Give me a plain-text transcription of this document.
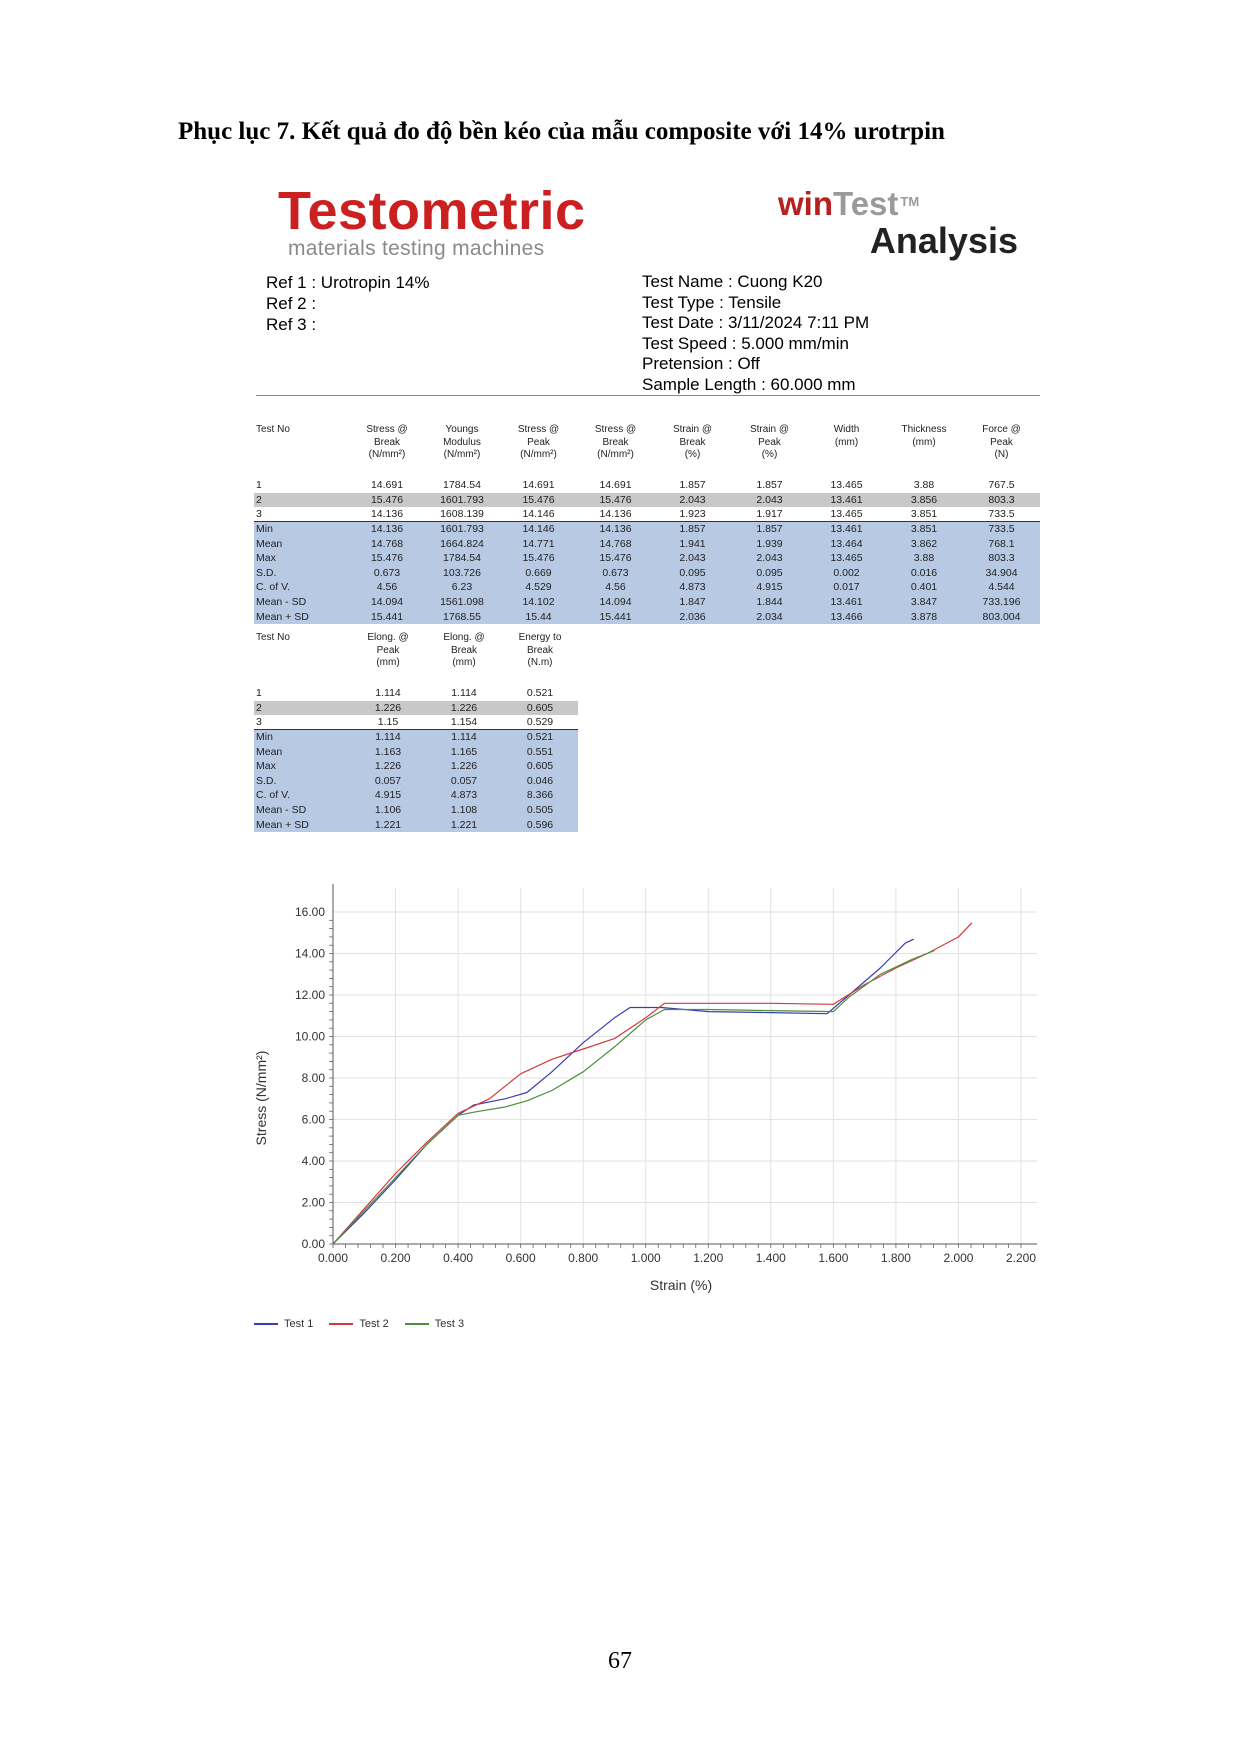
Phục lục 7. Kết quả đo độ bền kéo của mẫu composite với 14% urotrpin
Testometric
materials testing machines
winTest ™
Analysis
Ref 1 : Urotropin 14%
Ref 2 :
Ref 3 :
Test Name : Cuong K20
Test Type : Tensile
Test Date : 3/11/2024 7:11 PM
Test Speed : 5.000 mm/min
Pretension : Off
Sample Length : 60.000 mm
Test No	Stress @
Break
(N/mm²)	Youngs
Modulus
(N/mm²)	Stress @
Peak
(N/mm²)	Stress @
Break
(N/mm²)	Strain @
Break
(%)	Strain @
Peak
(%)	Width
(mm)	Thickness
(mm)	Force @
Peak
(N)
1	14.691	1784.54	14.691	14.691	1.857	1.857	13.465	3.88	767.5
2	15.476	1601.793	15.476	15.476	2.043	2.043	13.461	3.856	803.3
3	14.136	1608.139	14.146	14.136	1.923	1.917	13.465	3.851	733.5
Min	14.136	1601.793	14.146	14.136	1.857	1.857	13.461	3.851	733.5
Mean	14.768	1664.824	14.771	14.768	1.941	1.939	13.464	3.862	768.1
Max	15.476	1784.54	15.476	15.476	2.043	2.043	13.465	3.88	803.3
S.D.	0.673	103.726	0.669	0.673	0.095	0.095	0.002	0.016	34.904
C. of V.	4.56	6.23	4.529	4.56	4.873	4.915	0.017	0.401	4.544
Mean - SD	14.094	1561.098	14.102	14.094	1.847	1.844	13.461	3.847	733.196
Mean + SD	15.441	1768.55	15.44	15.441	2.036	2.034	13.466	3.878	803.004
Test No	Elong. @
Peak
(mm)	Elong. @
Break
(mm)	Energy to
Break
(N.m)
1	1.114	1.114	0.521
2	1.226	1.226	0.605
3	1.15	1.154	0.529
Min	1.114	1.114	0.521
Mean	1.163	1.165	0.551
Max	1.226	1.226	0.605
S.D.	0.057	0.057	0.046
C. of V.	4.915	4.873	8.366
Mean - SD	1.106	1.108	0.505
Mean + SD	1.221	1.221	0.596
0.00
2.00
4.00
6.00
8.00
10.00
12.00
14.00
16.00
0.000	0.200	0.400	0.600	0.800	1.000	1.200	1.400	1.600	1.800	2.000	2.200
Strain (%)
Stress (N/mm²)
Test 1	Test 2	Test 3
67
